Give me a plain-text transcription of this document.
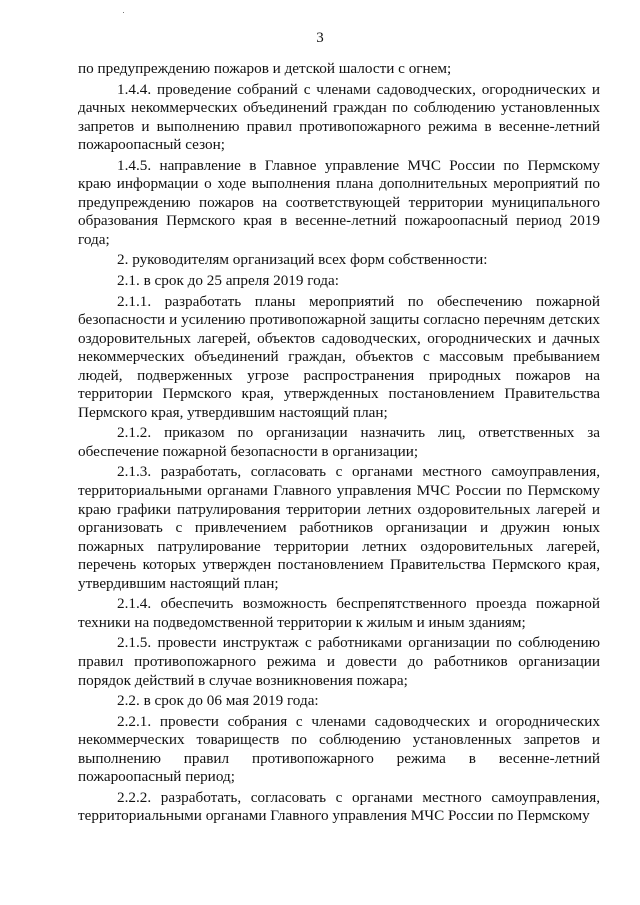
3

по предупреждению пожаров и детской шалости с огнем;

1.4.4. проведение собраний с членами садоводческих, огороднических и дачных некоммерческих объединений граждан по соблюдению установленных запретов и выполнению правил противопожарного режима в весенне-летний пожароопасный сезон;

1.4.5. направление в Главное управление МЧС России по Пермскому краю информации о ходе выполнения плана дополнительных мероприятий по предупреждению пожаров на соответствующей территории муниципального образования Пермского края в весенне-летний пожароопасный период 2019 года;

2. руководителям организаций всех форм собственности:

2.1. в срок до 25 апреля 2019 года:

2.1.1. разработать планы мероприятий по обеспечению пожарной безопасности и усилению противопожарной защиты согласно перечням детских оздоровительных лагерей, объектов садоводческих, огороднических и дачных некоммерческих объединений граждан, объектов с массовым пребыванием людей, подверженных угрозе распространения природных пожаров на территории Пермского края, утвержденных постановлением Правительства Пермского края, утвердившим настоящий план;

2.1.2. приказом по организации назначить лиц, ответственных за обеспечение пожарной безопасности в организации;

2.1.3. разработать, согласовать с органами местного самоуправления, территориальными органами Главного управления МЧС России по Пермскому краю графики патрулирования территории летних оздоровительных лагерей и организовать с привлечением работников организации и дружин юных пожарных патрулирование территории летних оздоровительных лагерей, перечень которых утвержден постановлением Правительства Пермского края, утвердившим настоящий план;

2.1.4. обеспечить возможность беспрепятственного проезда пожарной техники на подведомственной территории к жилым и иным зданиям;

2.1.5. провести инструктаж с работниками организации по соблюдению правил противопожарного режима и довести до работников организации порядок действий в случае возникновения пожара;

2.2. в срок до 06 мая 2019 года:

2.2.1. провести собрания с членами садоводческих и огороднических некоммерческих товариществ по соблюдению установленных запретов и выполнению правил противопожарного режима в весенне-летний пожароопасный период;

2.2.2. разработать, согласовать с органами местного самоуправления, территориальными органами Главного управления МЧС России по Пермскому
